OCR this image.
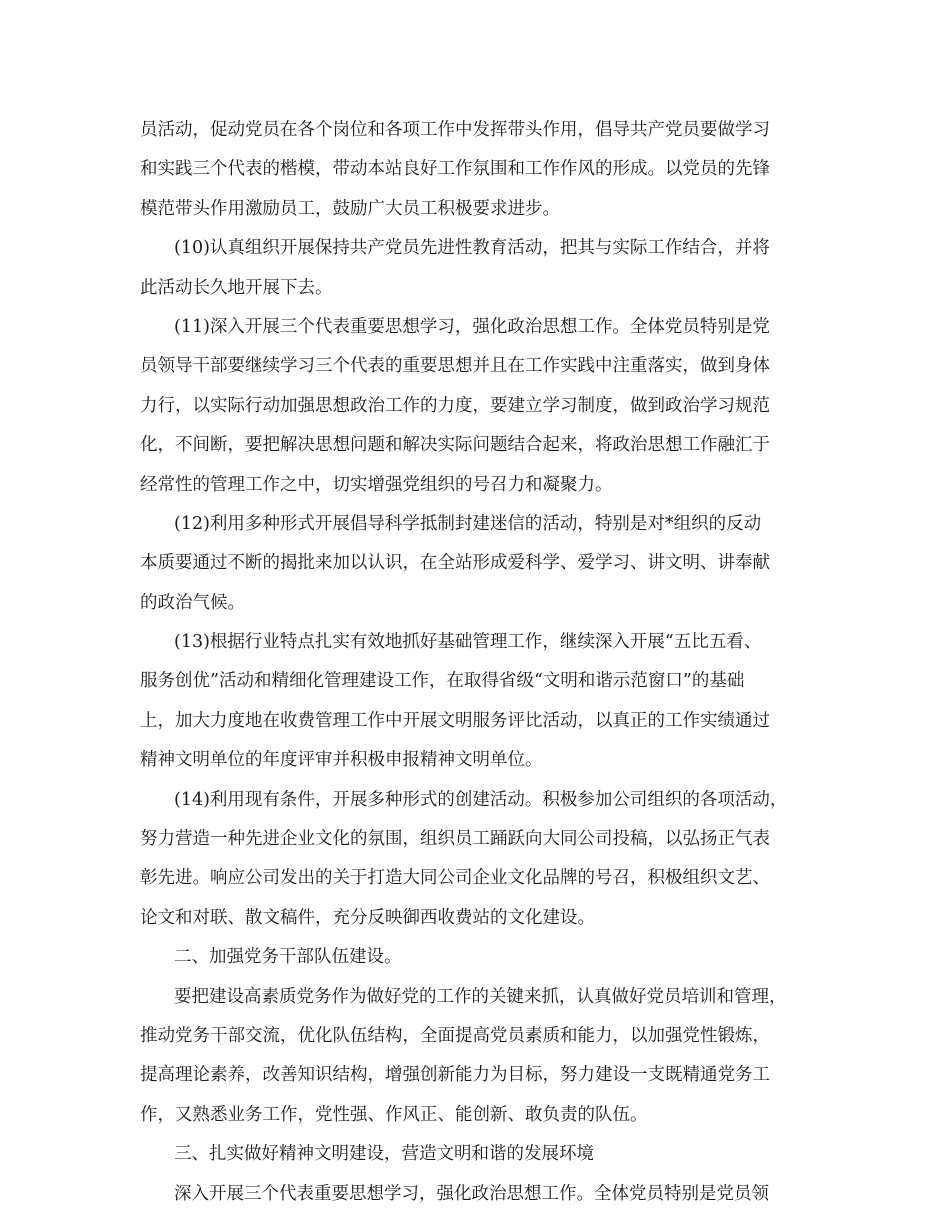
员活动，促动党员在各个岗位和各项工作中发挥带头作用，倡导共产党员要做学习
和实践三个代表的楷模，带动本站良好工作氛围和工作作风的形成。以党员的先锋
模范带头作用激励员工，鼓励广大员工积极要求进步。
(10)认真组织开展保持共产党员先进性教育活动，把其与实际工作结合，并将
此活动长久地开展下去。
(11)深入开展三个代表重要思想学习，强化政治思想工作。全体党员特别是党
员领导干部要继续学习三个代表的重要思想并且在工作实践中注重落实，做到身体
力行，以实际行动加强思想政治工作的力度，要建立学习制度，做到政治学习规范
化，不间断，要把解决思想问题和解决实际问题结合起来，将政治思想工作融汇于
经常性的管理工作之中，切实增强党组织的号召力和凝聚力。
(12)利用多种形式开展倡导科学抵制封建迷信的活动，特别是对*组织的反动
本质要通过不断的揭批来加以认识，在全站形成爱科学、爱学习、讲文明、讲奉献
的政治气候。
(13)根据行业特点扎实有效地抓好基础管理工作，继续深入开展“五比五看、
服务创优”活动和精细化管理建设工作，在取得省级“文明和谐示范窗口”的基础
上，加大力度地在收费管理工作中开展文明服务评比活动，以真正的工作实绩通过
精神文明单位的年度评审并积极申报精神文明单位。
(14)利用现有条件，开展多种形式的创建活动。积极参加公司组织的各项活动，
努力营造一种先进企业文化的氛围，组织员工踊跃向大同公司投稿，以弘扬正气表
彰先进。响应公司发出的关于打造大同公司企业文化品牌的号召，积极组织文艺、
论文和对联、散文稿件，充分反映御西收费站的文化建设。
二、加强党务干部队伍建设。
要把建设高素质党务作为做好党的工作的关键来抓，认真做好党员培训和管理，
推动党务干部交流，优化队伍结构，全面提高党员素质和能力，以加强党性锻炼，
提高理论素养，改善知识结构，增强创新能力为目标，努力建设一支既精通党务工
作，又熟悉业务工作，党性强、作风正、能创新、敢负责的队伍。
三、扎实做好精神文明建设，营造文明和谐的发展环境
深入开展三个代表重要思想学习，强化政治思想工作。全体党员特别是党员领
